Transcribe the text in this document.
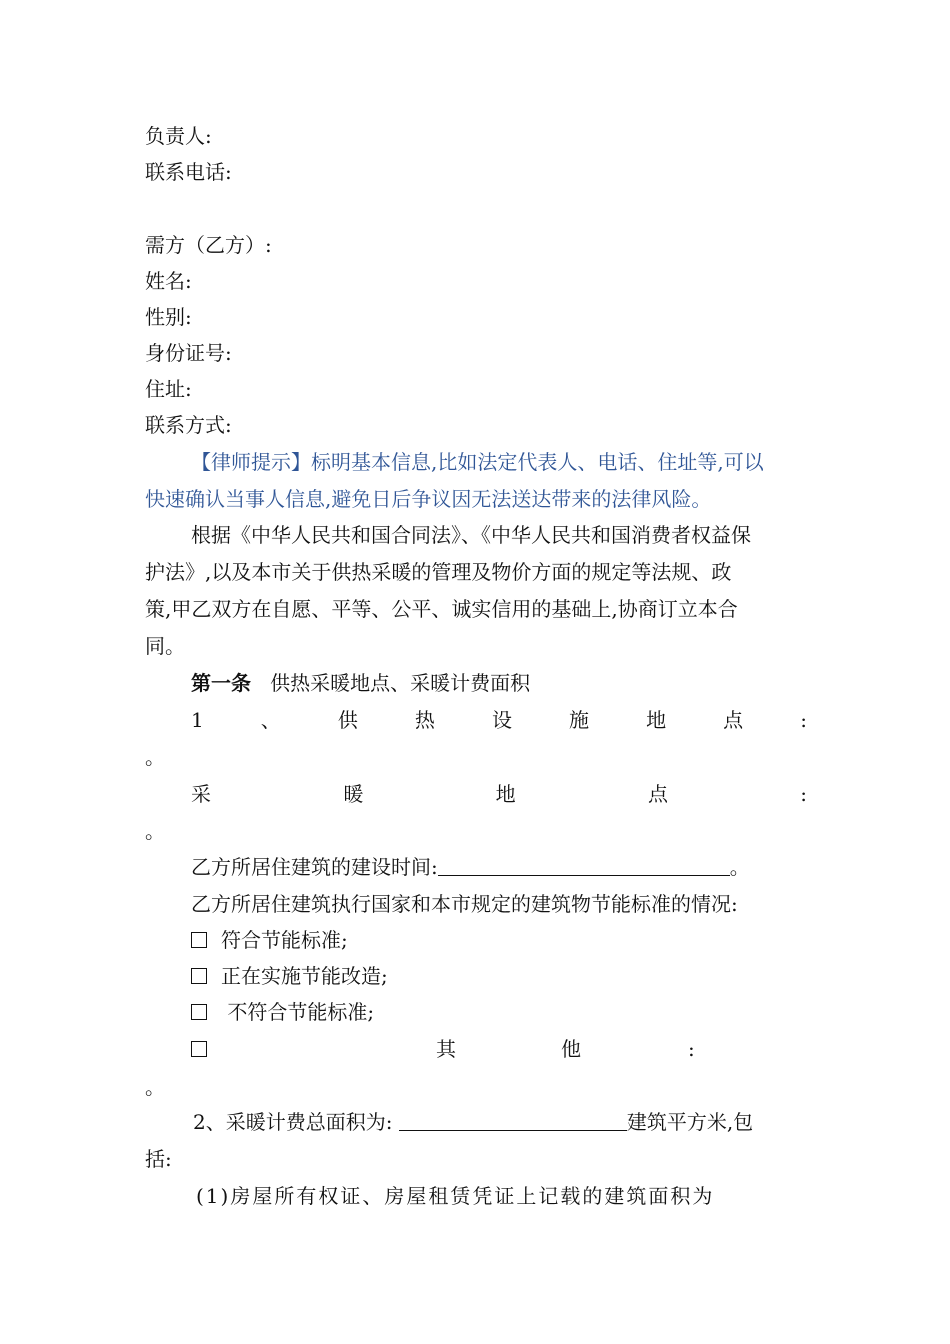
负责人:
联系电话:
需方（乙方）:
姓名:
性别:
身份证号:
住址:
联系方式:
【律师提示】标明基本信息,比如法定代表人、电话、住址等,可以
快速确认当事人信息,避免日后争议因无法送达带来的法律风险。
根据《中华人民共和国合同法》、《中华人民共和国消费者权益保
护法》,以及本市关于供热采暖的管理及物价方面的规定等法规、政
策,甲乙双方在自愿、平等、公平、诚实信用的基础上,协商订立本合
同。
第一条 供热采暖地点、采暖计费面积
1	、	供	热	设	施	地	点	:
。
采	暖	地	点	:
。
乙方所居住建筑的建设时间:	。
乙方所居住建筑执行国家和本市规定的建筑物节能标准的情况:
符合节能标准;
正在实施节能改造;
不符合节能标准;
其	他	:
。
2、采暖计费总面积为:	建筑平方米,包
括:
(1)房屋所有权证、房屋租赁凭证上记载的建筑面积为
